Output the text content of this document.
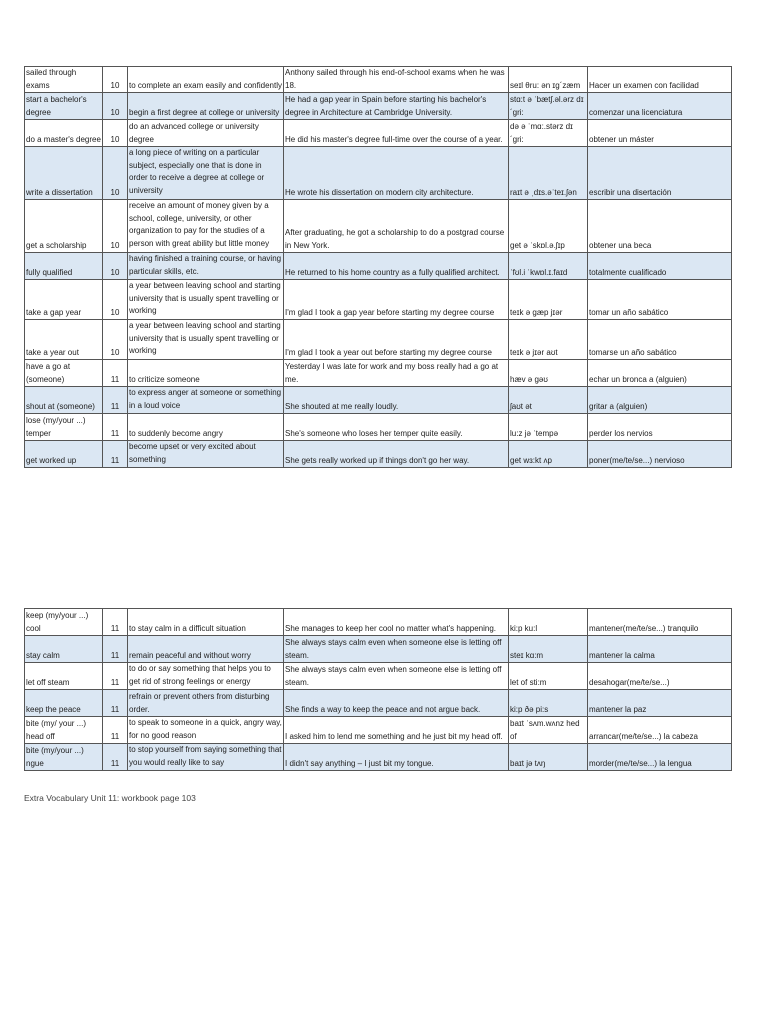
sailed through exams	10	to complete an exam easily and confidently	Anthony sailed through his end-of-school exams when he was 18.	seɪl θru: ən ɪg´zæm	Hacer un examen con facilidad
start a bachelor's degree	10	begin a first degree at college or university	He had a gap year in Spain before starting his bachelor's degree in Architecture at Cambridge University.	stɑ:t ə ˈbætʃ.əl.ərz dɪ´gri:	comenzar una licenciatura
do a master's degree	10	do an advanced college or university degree	He did his master's degree full-time over the course of a year.	də ə ˈmɑ:.stərz dɪ´gri:	obtener un máster
write a dissertation	10	a long piece of writing on a particular subject, especially one that is done in order to receive a degree at college or university	He wrote his dissertation on modern city architecture.	raɪt ə ˌdɪs.əˈteɪ.ʃən	escribir una disertación
get a scholarship	10	receive an amount of money given by a school, college, university, or other organization to pay for the studies of a person with great ability but little money	After graduating, he got a scholarship to do a postgrad course in New York.	get ə ˈskɒl.ə.ʃɪp	obtener una beca
fully qualified	10	having finished a training course, or having particular skills, etc.	He returned to his home country as a fully qualified architect.	ˈfʊl.i ˈkwɒl.ɪ.faɪd	totalmente cualificado
take a gap year	10	a year between leaving school and starting university that is usually spent travelling or working	I'm glad I took a gap year before starting my degree course	teɪk ə gæp jɪər	tomar un año sabático
take a year out	10	a year between leaving school and starting university that is usually spent travelling or working	I'm glad I took a year out before starting my degree course	teɪk ə jɪər aʊt	tomarse un año sabático
have a go at (someone)	11	to criticize someone	Yesterday I was late for work and my boss really had a go at me.	hæv ə gəʊ	echar un bronca a (alguien)
shout at (someone)	11	to express anger at someone or something in a loud voice	She shouted at me really loudly.	ʃaʊt ət	gritar a (alguien)
lose (my/your ...) temper	11	to suddenly become angry	She's someone who loses her temper quite easily.	lu:z jə ˈtempə	perder los nervios
get worked up	11	become upset or very excited about something	She gets really worked up if things don't go her way.	get wɜ:kt ʌp	poner(me/te/se...) nervioso
keep (my/your ...) cool	11	to stay calm in a difficult situation	She manages to keep her cool no matter what's happening.	ki:p ku:l	mantener(me/te/se...) tranquilo
stay calm	11	remain peaceful and without worry	She always stays calm even when someone else is letting off steam.	steɪ kɑ:m	mantener la calma
let off steam	11	to do or say something that helps you to get rid of strong feelings or energy	She always stays calm even when someone else is letting off steam.	let of sti:m	desahogar(me/te/se...)
keep the peace	11	refrain or prevent others from disturbing order.	She finds a way to keep the peace and not argue back.	ki:p ðə pi:s	mantener la paz
bite (my/ your ...) head off	11	to speak to someone in a quick, angry way, for no good reason	I asked him to lend me something and he just bit my head off.	baɪt ˈsʌm.wʌnz hed of	arrancar(me/te/se...) la cabeza
bite (my/your ...) ngue	11	to stop yourself from saying something that you would really like to say	I didn't say anything – I just bit my tongue.	baɪt jə tʌŋ	morder(me/te/se...) la lengua
Extra Vocabulary Unit 11: workbook page 103
